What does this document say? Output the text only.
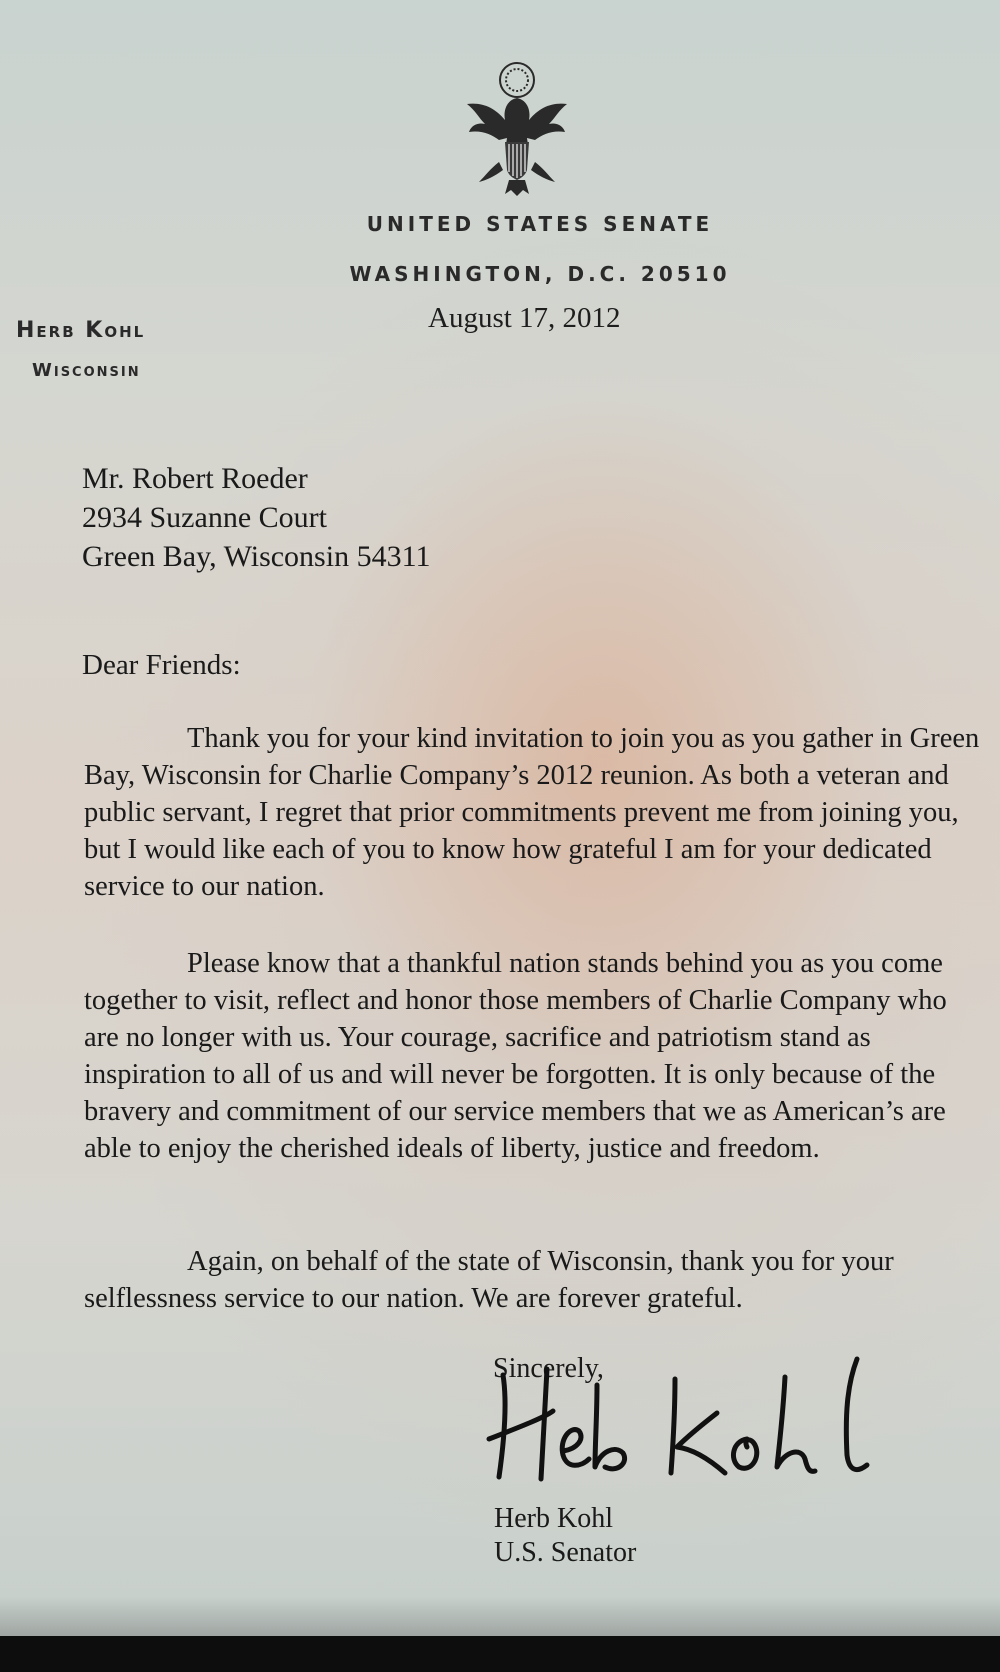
UNITED STATES SENATE
WASHINGTON, D.C. 20510
August 17, 2012
Herb Kohl
Wisconsin
Mr. Robert Roeder
2934 Suzanne Court
Green Bay, Wisconsin 54311
Dear Friends:
Thank you for your kind invitation to join you as you gather in Green Bay, Wisconsin for Charlie Company’s 2012 reunion. As both a veteran and public servant, I regret that prior commitments prevent me from joining you, but I would like each of you to know how grateful I am for your dedicated service to our nation.
Please know that a thankful nation stands behind you as you come together to visit, reflect and honor those members of Charlie Company who are no longer with us. Your courage, sacrifice and patriotism stand as inspiration to all of us and will never be forgotten. It is only because of the bravery and commitment of our service members that we as American’s are able to enjoy the cherished ideals of liberty, justice and freedom.
Again, on behalf of the state of Wisconsin, thank you for your selflessness service to our nation. We are forever grateful.
Sincerely,
Herb Kohl
U.S. Senator
